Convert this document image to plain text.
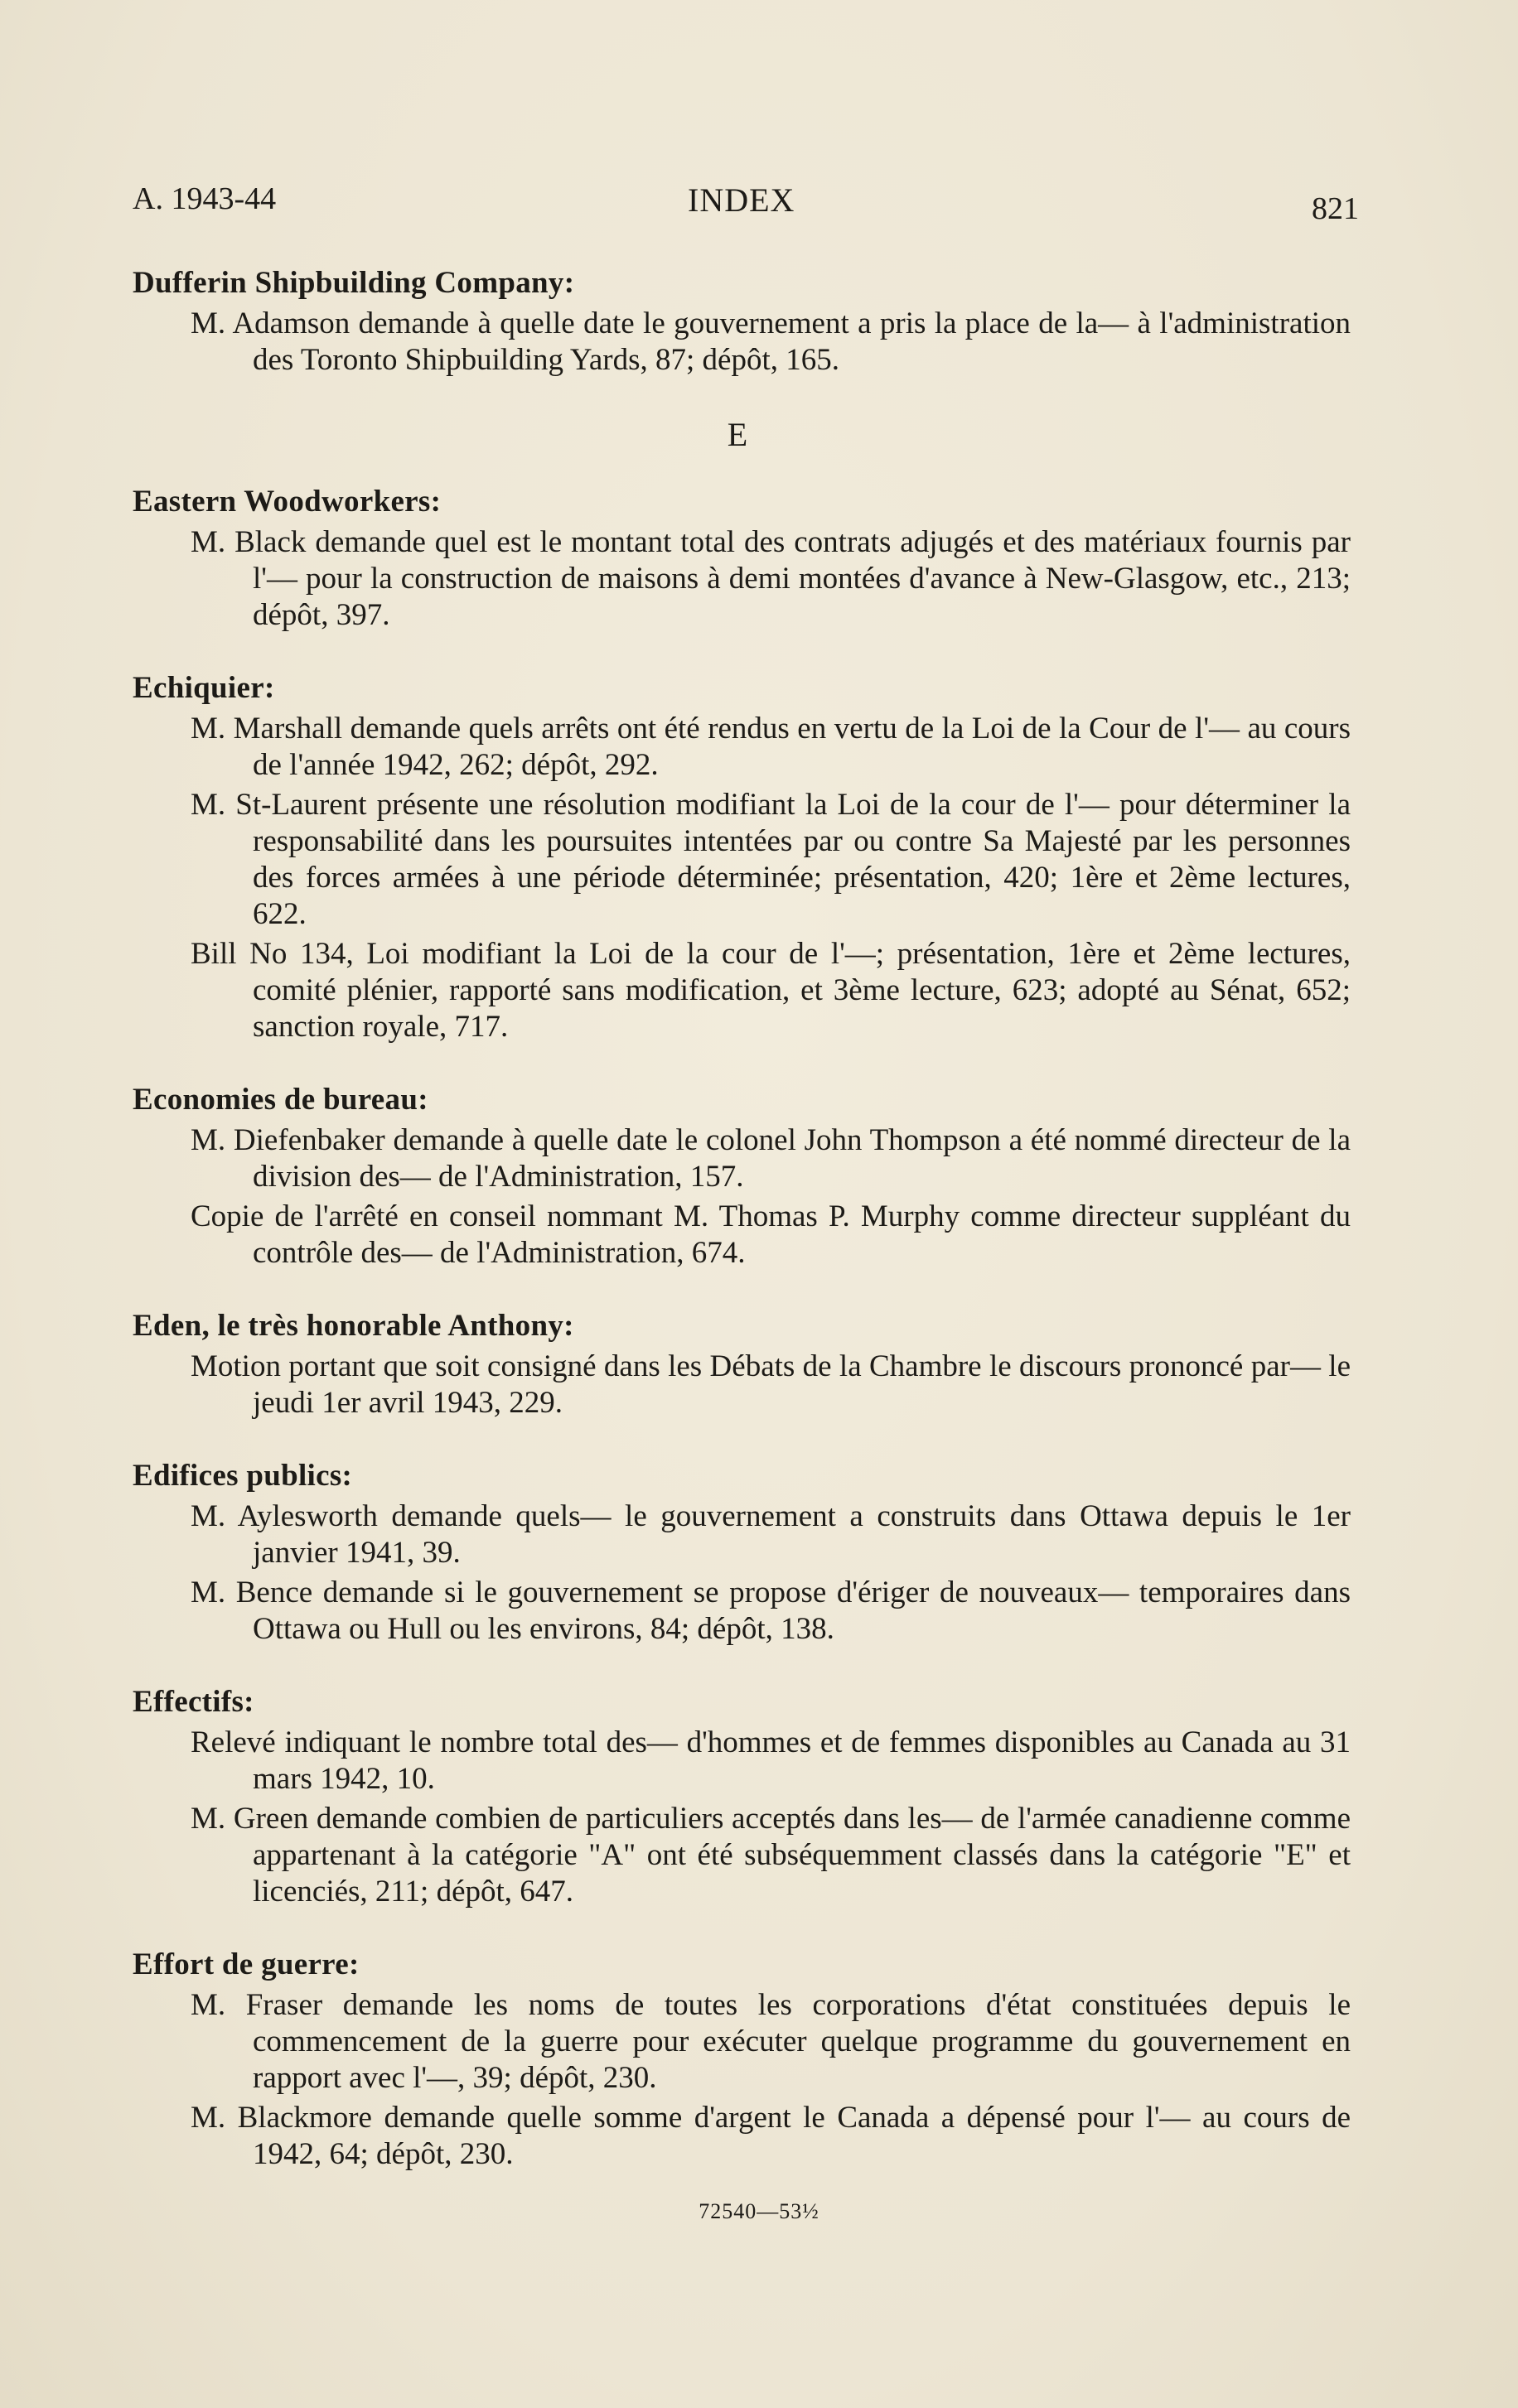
A. 1943-44	INDEX	821
Dufferin Shipbuilding Company:
M. Adamson demande à quelle date le gouvernement a pris la place de la— à l'administration des Toronto Shipbuilding Yards, 87; dépôt, 165.
E
Eastern Woodworkers:
M. Black demande quel est le montant total des contrats adjugés et des matériaux fournis par l'— pour la construction de maisons à demi montées d'avance à New-Glasgow, etc., 213; dépôt, 397.
Echiquier:
M. Marshall demande quels arrêts ont été rendus en vertu de la Loi de la Cour de l'— au cours de l'année 1942, 262; dépôt, 292.
M. St-Laurent présente une résolution modifiant la Loi de la cour de l'— pour déterminer la responsabilité dans les poursuites intentées par ou contre Sa Majesté par les personnes des forces armées à une période déterminée; présentation, 420; 1ère et 2ème lectures, 622.
Bill No 134, Loi modifiant la Loi de la cour de l'—; présentation, 1ère et 2ème lectures, comité plénier, rapporté sans modification, et 3ème lecture, 623; adopté au Sénat, 652; sanction royale, 717.
Economies de bureau:
M. Diefenbaker demande à quelle date le colonel John Thompson a été nommé directeur de la division des— de l'Administration, 157.
Copie de l'arrêté en conseil nommant M. Thomas P. Murphy comme directeur suppléant du contrôle des— de l'Administration, 674.
Eden, le très honorable Anthony:
Motion portant que soit consigné dans les Débats de la Chambre le discours prononcé par— le jeudi 1er avril 1943, 229.
Edifices publics:
M. Aylesworth demande quels— le gouvernement a construits dans Ottawa depuis le 1er janvier 1941, 39.
M. Bence demande si le gouvernement se propose d'ériger de nouveaux— temporaires dans Ottawa ou Hull ou les environs, 84; dépôt, 138.
Effectifs:
Relevé indiquant le nombre total des— d'hommes et de femmes disponibles au Canada au 31 mars 1942, 10.
M. Green demande combien de particuliers acceptés dans les— de l'armée canadienne comme appartenant à la catégorie "A" ont été subséquemment classés dans la catégorie "E" et licenciés, 211; dépôt, 647.
Effort de guerre:
M. Fraser demande les noms de toutes les corporations d'état constituées depuis le commencement de la guerre pour exécuter quelque programme du gouvernement en rapport avec l'—, 39; dépôt, 230.
M. Blackmore demande quelle somme d'argent le Canada a dépensé pour l'— au cours de 1942, 64; dépôt, 230.
72540—53½
